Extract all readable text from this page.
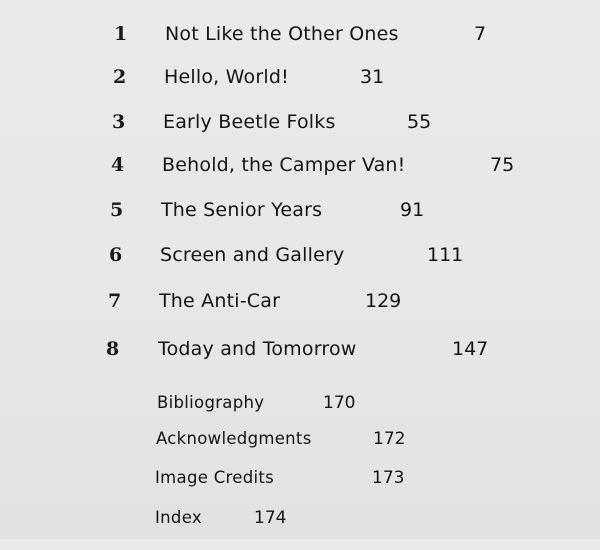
1 Not Like the Other Ones	7
2 Hello, World!	31
3 Early Beetle Folks	55
4 Behold, the Camper Van!	75
5 The Senior Years	91
6 Screen and Gallery	111
7 The Anti-Car	129
8 Today and Tomorrow	147
Bibliography	170
Acknowledgments	172
Image Credits	173
Index	174
